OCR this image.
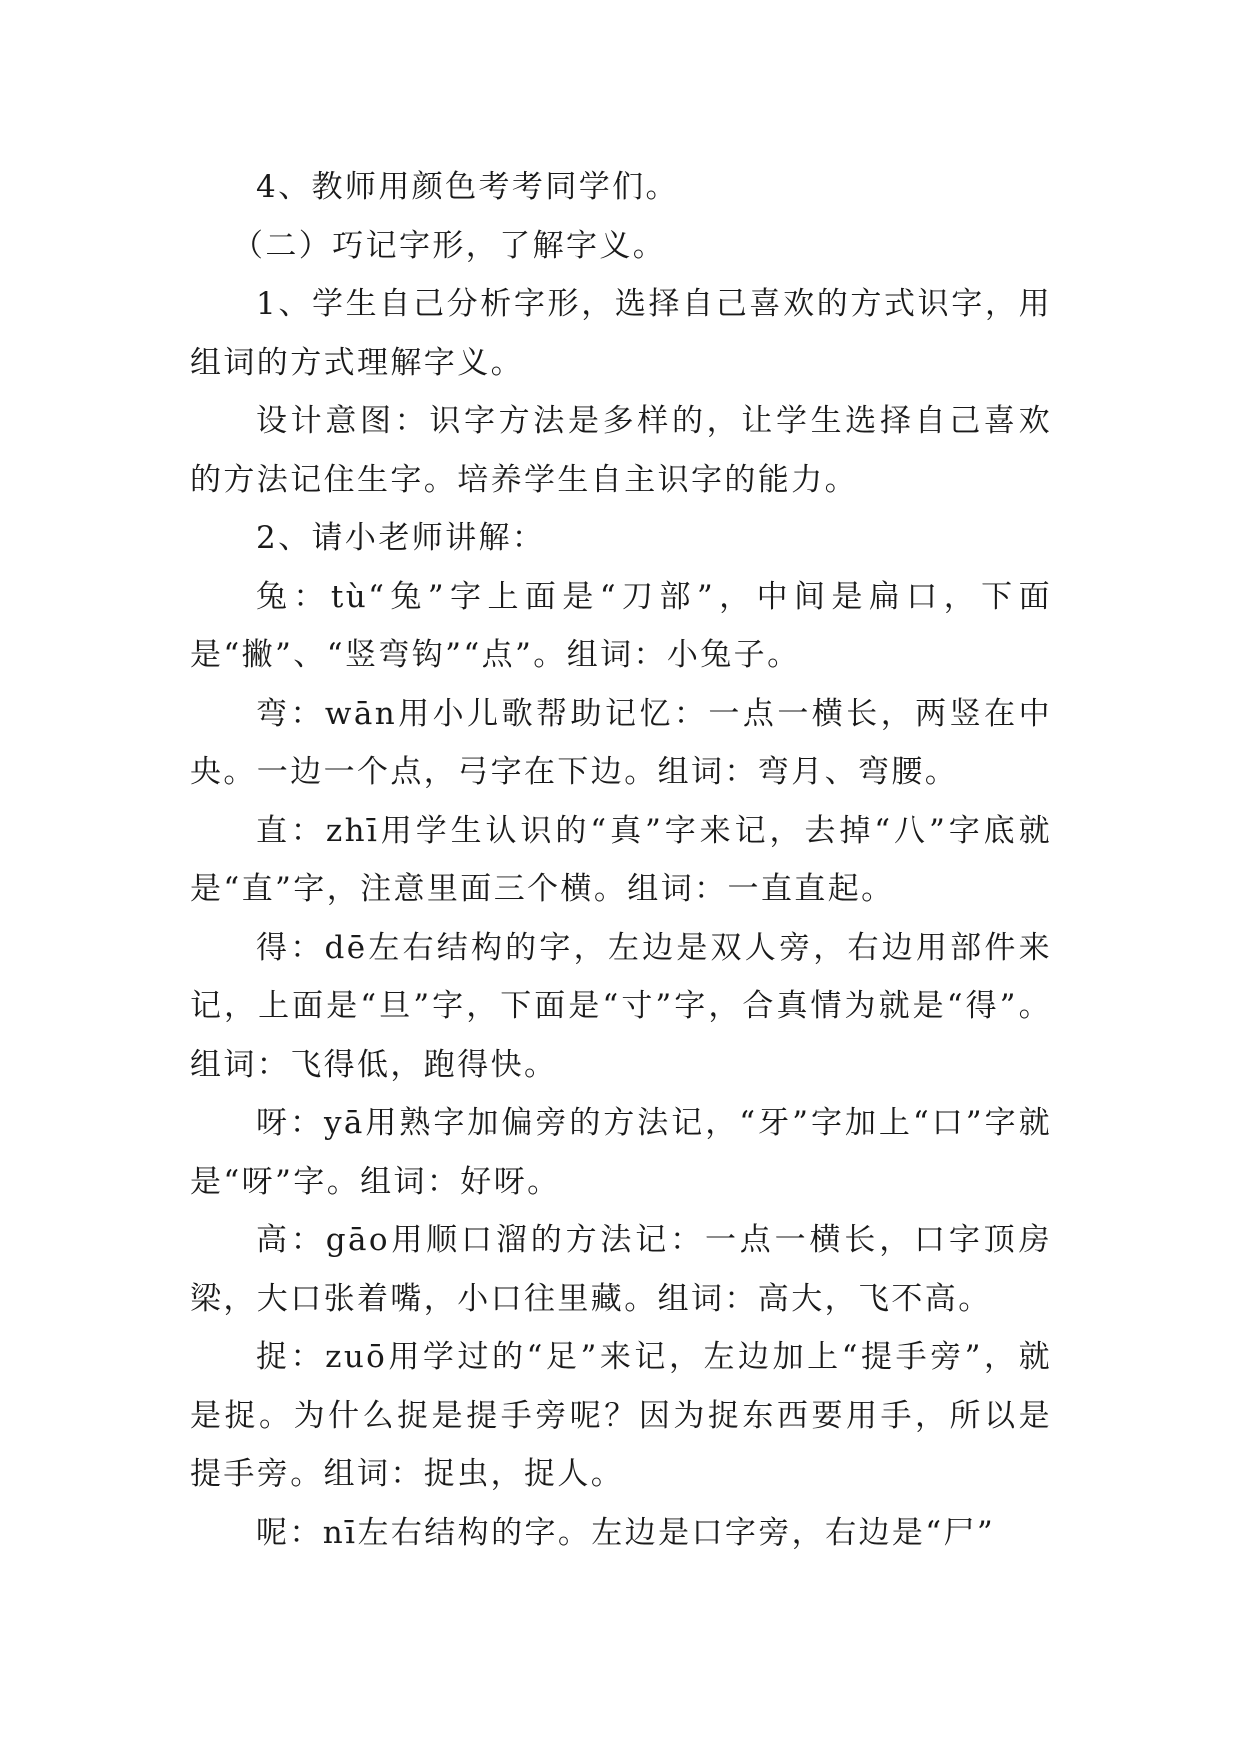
4、教师用颜色考考同学们。

（二）巧记字形，了解字义。

1、学生自己分析字形，选择自己喜欢的方式识字，用组词的方式理解字义。

设计意图：识字方法是多样的，让学生选择自己喜欢的方法记住生字。培养学生自主识字的能力。

2、请小老师讲解：

兔：tù“兔”字上面是“刀部”，中间是扁口，下面是“撇”、“竖弯钩”“点”。组词：小兔子。

弯：wān用小儿歌帮助记忆：一点一横长，两竖在中央。一边一个点，弓字在下边。组词：弯月、弯腰。

直：zhī用学生认识的“真”字来记，去掉“八”字底就是“直”字，注意里面三个横。组词：一直直起。

得：dē左右结构的字，左边是双人旁，右边用部件来记，上面是“旦”字，下面是“寸”字，合真情为就是“得”。组词：飞得低，跑得快。

呀：yā用熟字加偏旁的方法记，“牙”字加上“口”字就是“呀”字。组词：好呀。

高：gāo用顺口溜的方法记：一点一横长，口字顶房梁，大口张着嘴，小口往里藏。组词：高大，飞不高。

捉：zuō用学过的“足”来记，左边加上“提手旁”，就是捉。为什么捉是提手旁呢？因为捉东西要用手，所以是提手旁。组词：捉虫，捉人。

呢：nī左右结构的字。左边是口字旁，右边是“尸”
